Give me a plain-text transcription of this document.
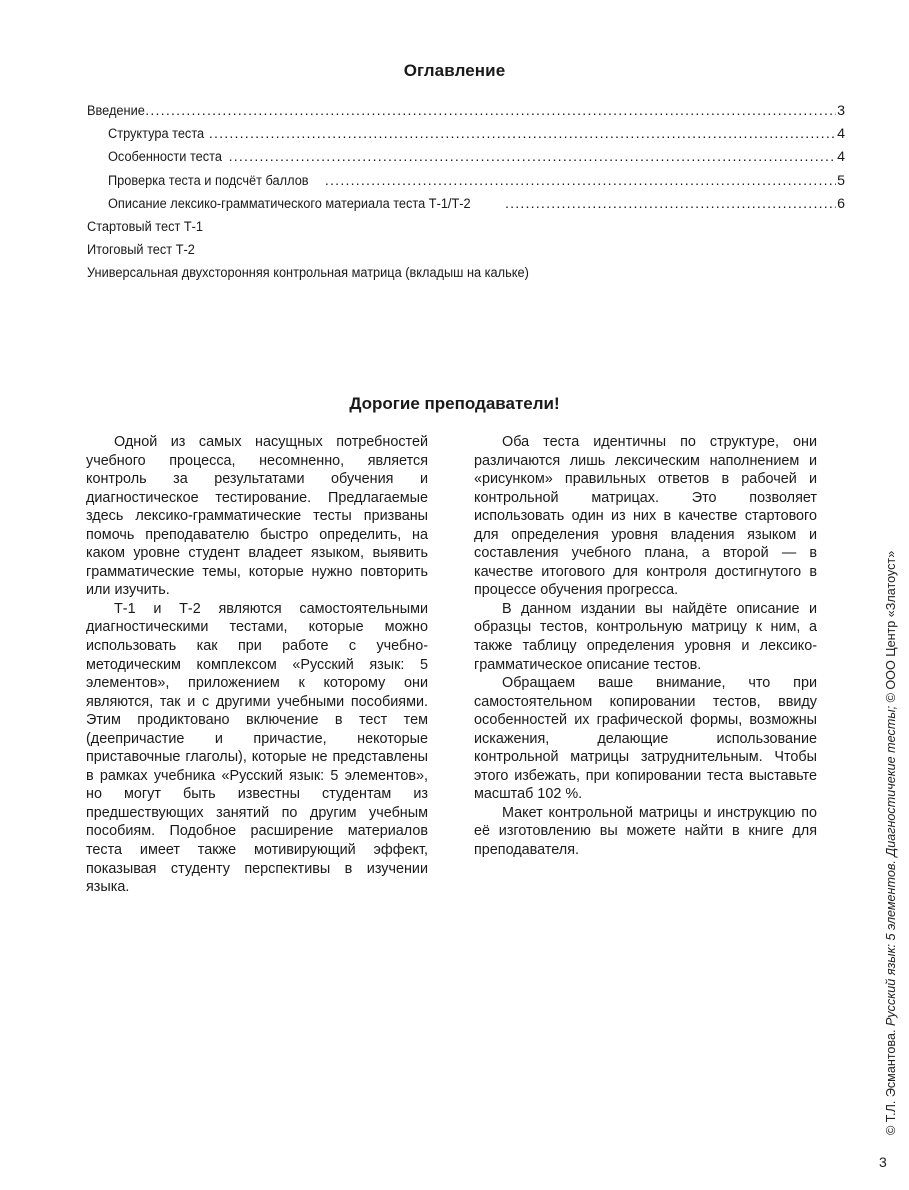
Оглавление
Введение .....	3
Структура теста .....	4
Особенности теста .....	4
Проверка теста и подсчёт баллов .....	5
Описание лексико-грамматического материала теста Т-1/Т-2 .....	6
Стартовый тест Т-1
Итоговый тест Т-2
Универсальная двухсторонняя контрольная матрица (вкладыш на кальке)
Дорогие преподаватели!

Одной из самых насущных потребностей учебного процесса, несомненно, является контроль за результатами обучения и диагностическое тестирование. Предлагаемые здесь лексико-грамматические тесты призваны помочь преподавателю быстро определить, на каком уровне студент владеет языком, выявить грамматические темы, которые нужно повторить или изучить.

Т-1 и Т-2 являются самостоятельными диагностическими тестами, которые можно использовать как при работе с учебно-методическим комплексом «Русский язык: 5 элементов», приложением к которому они являются, так и с другими учебными пособиями. Этим продиктовано включение в тест тем (деепричастие и причастие, некоторые приставочные глаголы), которые не представлены в рамках учебника «Русский язык: 5 элементов», но могут быть известны студентам из предшествующих занятий по другим учебным пособиям. Подобное расширение материалов теста имеет также мотивирующий эффект, показывая студенту перспективы в изучении языка.

Оба теста идентичны по структуре, они различаются лишь лексическим наполнением и «рисунком» правильных ответов в рабочей и контрольной матрицах. Это позволяет использовать один из них в качестве стартового для определения уровня владения языком и составления учебного плана, а второй — в качестве итогового для контроля достигнутого в процессе обучения прогресса.

В данном издании вы найдёте описание и образцы тестов, контрольную матрицу к ним, а также таблицу определения уровня и лексико-грамматическое описание тестов.

Обращаем ваше внимание, что при самостоятельном копировании тестов, ввиду особенностей их графической формы, возможны искажения, делающие использование контрольной матрицы затруднительным. Чтобы этого избежать, при копировании теста выставьте масштаб 102 %.

Макет контрольной матрицы и инструкцию по её изготовлению вы можете найти в книге для преподавателя.

© Т.Л. Эсмантова. Русский язык: 5 элементов. Диагностичекие тесты; © ООО Центр «Златоуст»
3
